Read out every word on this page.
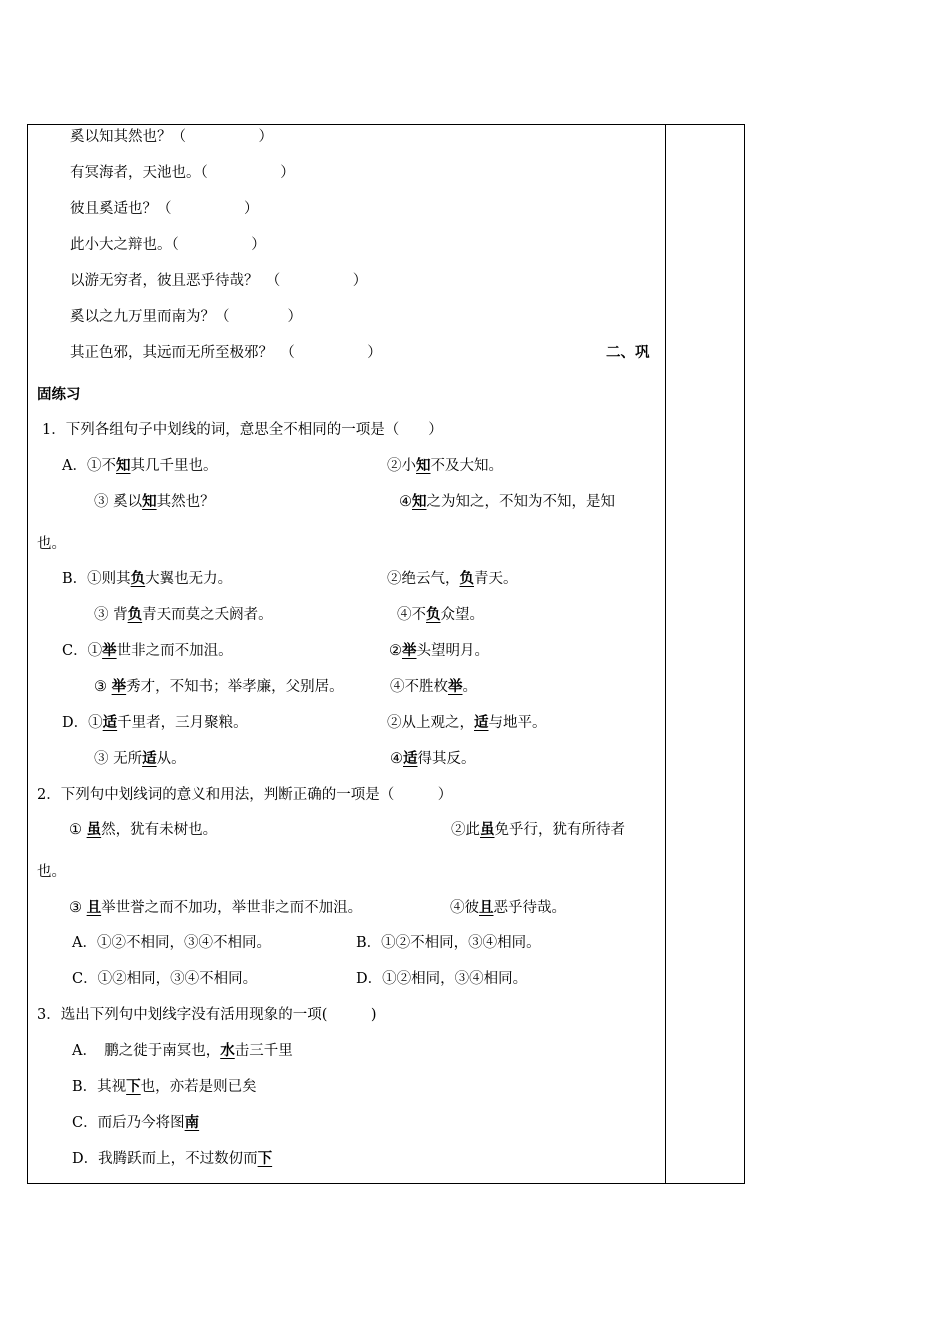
奚以知其然也？（　　　　　）
有冥海者，天池也。（　　　　　）
彼且奚适也？（　　　　　）
此小大之辩也。（　　　　　）
以游无穷者，彼且恶乎待哉？　（　　　　　）
奚以之九万里而南为？（　　　　）
其正色邪，其远而无所至极邪？　（　　　　　）	二、巩
固练习
1．下列各组句子中划线的词，意思全不相同的一项是（　　）
A．①不知其几千里也。	②小知不及大知。
③ 奚以知其然也？	④知之为知之，不知为不知，是知
也。
B．①则其负大翼也无力。	②绝云气，负青天。
③ 背负青天而莫之夭阏者。	④不负众望。
C．①举世非之而不加沮。	②举头望明月。
③ 举秀才，不知书；举孝廉，父别居。	④不胜枚举。
D．①适千里者，三月聚粮。	②从上观之，适与地平。
③ 无所适从。	④适得其反。
2．下列句中划线词的意义和用法，判断正确的一项是（　　　）
① 虽然，犹有未树也。	②此虽免乎行，犹有所待者
也。
③ 且举世誉之而不加功，举世非之而不加沮。	④彼且恶乎待哉。
A．①②不相同，③④不相同。	B．①②不相同，③④相同。
C．①②相同，③④不相同。	D．①②相同，③④相同。
3．选出下列句中划线字没有活用现象的一项(　　　)
A．　鹏之徙于南冥也，水击三千里
B．其视下也，亦若是则已矣
C．而后乃今将图南
D．我腾跃而上，不过数仞而下
